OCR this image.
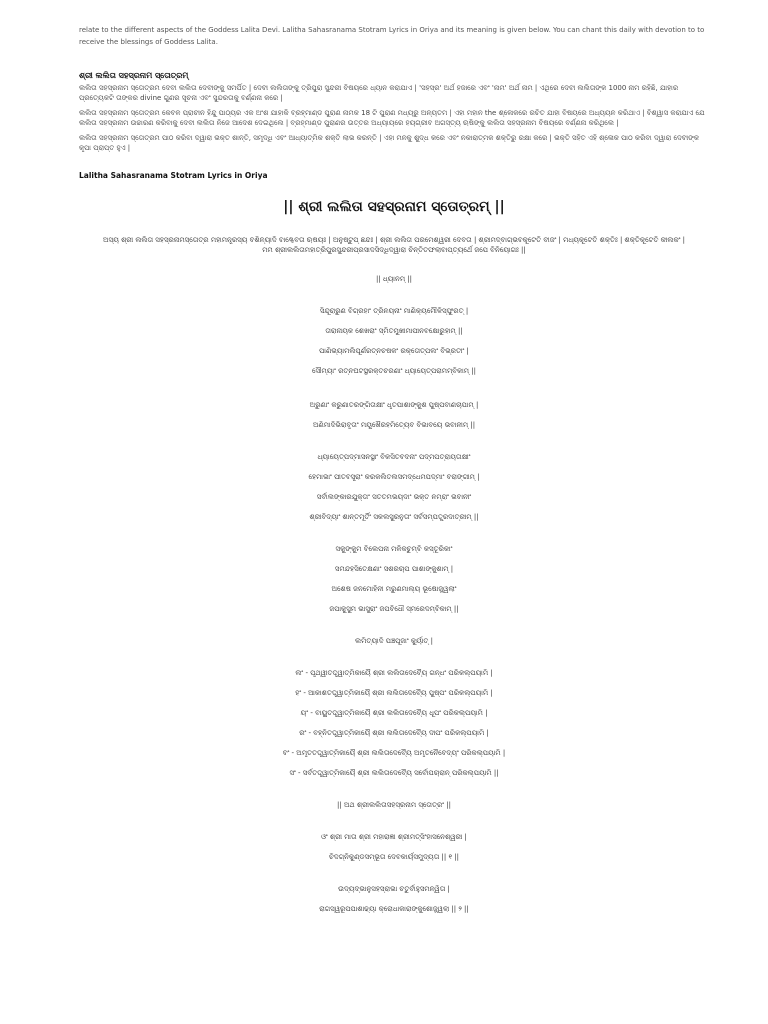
relate to the different aspects of the Goddess Lalita Devi. Lalitha Sahasranama Stotram Lyrics in Oriya and its meaning is given below. You can chant this daily with devotion to to receive the blessings of Goddess Lalita.

ଶ୍ରୀ ଲଲିତା ସହସ୍ରନାମ ସ୍ତୋତ୍ରମ୍

ଲଲିତା ସହସ୍ରନାମ ସ୍ତୋତ୍ରମ ଦେବୀ ଲଲିତା ଦେବୀଙ୍କୁ ସମର୍ପିତ | ଦେବୀ ଲଲିତାଙ୍କୁ ତ୍ରିପୁରା ସୁନ୍ଦରୀ ବିଷୟରେ ଧ୍ୟାନ କରାଯାଏ | 'ସହସ୍ର' ଅର୍ଥ ହଜାରେ ଏବଂ 'ନାମ' ଅର୍ଥ ନାମ | ଏଥିରେ ଦେବୀ ଲଲିତାଙ୍କ 1000 ନାମ ରହିଛି, ଯାହାର ପ୍ରତ୍ୟେକଟି ତାଙ୍କର divine ଗୁଣର ସୂଚନା ଏବଂ ସୁନ୍ଦରତାକୁ ବର୍ଣ୍ଣନା କରେ |

ଲଲିତା ସହସ୍ରନାମ ସ୍ତୋତ୍ରମ କେବଳ ପ୍ରାଚୀନ ହିନ୍ଦୁ ପାଠ୍ୟର ଏକ ଅଂଶ ଯାହାକି ବ୍ରହ୍ମାଣ୍ଡ ପୁରାଣ ନାମକ 18 ଟି ପୁରାଣ ମଧ୍ୟରୁ ଅନ୍ୟତମ | ଏହା ମହାନ the ଶ୍ଳୋକରେ ରଚିତ ଯାହା ବିଷୟରେ ଅଧ୍ୟୟନ କରିଥାଏ | ବିଶ୍ୱାସ କରାଯାଏ ଯେ ଲଲିତା ସହସ୍ରନାମ ଉଚ୍ଚାରଣ କରିବାକୁ ଦେବୀ ଲଲିତା ନିଜେ ଆଦେଶ ଦେଇଥିଲେ | ବ୍ରହ୍ମାଣ୍ଡ ପୁରାଣର ଉତ୍ତର ଅଧ୍ୟାୟରେ ହୟଗ୍ରୀବ ଅଗସ୍ତ୍ୟ ଋଷିଙ୍କୁ ଲଲିତା ସହସ୍ରନାମ ବିଷୟରେ ବର୍ଣ୍ଣନା କରିଥିଲେ |

ଲଲିତା ସହସ୍ରନାମ ସ୍ତୋତ୍ରମ ପାଠ କରିବା ଦ୍ୱାରା ଭକ୍ତ ଶାନ୍ତି, ସମୃଦ୍ଧି ଏବଂ ଆଧ୍ୟାତ୍ମିକ ଶକ୍ତି ଲାଭ କରନ୍ତି | ଏହା ମନକୁ ଶୁଦ୍ଧ କରେ ଏବଂ ନକାରାତ୍ମକ ଶକ୍ତିରୁ ରକ୍ଷା କରେ | ଭକ୍ତି ସହିତ ଏହି ଶ୍ଳୋକ ପାଠ କରିବା ଦ୍ୱାରା ଦେବୀଙ୍କ କୃପା ପ୍ରାପ୍ତ ହୁଏ |

Lalitha Sahasranama Stotram Lyrics in Oriya

|| ଶ୍ରୀ ଲଲିତା ସହସ୍ରନାମ ସ୍ତୋତ୍ରମ୍ ||

ଅସ୍ୟ ଶ୍ରୀ ଲଲିତା ସହସ୍ରନାମସ୍ତୋତ୍ର ମହାମନ୍ତ୍ରସ୍ୟ ବଶିନ୍ୟାଦି ବାଗ୍ଦେବତା ଋଷୟଃ | ଅନୁଷ୍ଟୁପ୍ ଛନ୍ଦଃ | ଶ୍ରୀ ଲଲିତା ପରମେଶ୍ୱରୀ ଦେବତା | ଶ୍ରୀମଦ୍ବାଗ୍ଭବକୂଟେତି ବୀଜଂ | ମଧ୍ୟକୂଟେତି ଶକ୍ତିଃ | ଶକ୍ତିକୂଟେତି କୀଲକଂ |
ମମ ଶ୍ରୀଲଲିତାମହାତ୍ରିପୁରସୁନ୍ଦରୀପ୍ରସାଦସିଦ୍ଧିଦ୍ୱାରା ଚିନ୍ତିତଫଲାବାପ୍ତ୍ୟର୍ଥେ ଜପେ ବିନିୟୋଗଃ ||
|| ଧ୍ୟାନମ୍ ||
ସିନ୍ଦୂରାରୁଣ ବିଗ୍ରହାଂ ତ୍ରିନୟନାଂ ମାଣିକ୍ୟମୌଳିସ୍ଫୁରତ୍ |
ତାରାନାୟକ ଶେଖରାଂ ସ୍ମିତମୁଖୀମାପୀନବକ୍ଷୋରୁହାମ୍ ||
ପାଣିଭ୍ୟାମଲିପୂର୍ଣରତ୍ନଚଷକଂ ରକ୍ତୋତ୍ପଲଂ ବିଭ୍ରତୀଂ |
ସୌମ୍ୟାଂ ରତ୍ନଘଟସ୍ଥରକ୍ତଚରଣାଂ ଧ୍ୟାୟେତ୍ପରାମମ୍ବିକାମ୍ ||
ଅରୁଣାଂ କରୁଣାତରଙ୍ଗିତାକ୍ଷୀଂ ଧୃତପାଶାଙ୍କୁଶ ପୁଷ୍ପବାଣଚାପାମ୍ |
ଅଣିମାଦିଭିରାବୃତାଂ ମୟୂଖୈରହମିତ୍ୟେବ ବିଭାବୟେ ଭବାନୀମ୍ ||
ଧ୍ୟାୟେତ୍ପଦ୍ମାସନସ୍ଥାଂ ବିକସିତବଦନାଂ ପଦ୍ମପତ୍ରାୟତାକ୍ଷୀଂ
ହେମାଭାଂ ପୀତବସ୍ତ୍ରାଂ କରକଲିତଲସମଦ୍ଧେମପଦ୍ମାଂ ବରାଙ୍ଗୀମ୍ |
ସର୍ବାଲଙ୍କାରଯୁକ୍ତାଂ ସତତମଭୟଦାଂ ଭକ୍ତ ନମ୍ରାଂ ଭବାନୀଂ
ଶ୍ରୀବିଦ୍ୟାଂ ଶାନ୍ତମୂର୍ତିଂ ସକଲସୁରନୁତାଂ ସର୍ବସମ୍ପତ୍ପ୍ରଦାତ୍ରୀମ୍ ||
ସକୁଙ୍କୁମ ବିଲେପନା ମଳିକଚୁମ୍ବି କସ୍ତୂରିକାଂ
ସମନ୍ଦହସିତେକ୍ଷଣାଂ ସଶରଚାପ ପାଶାଙ୍କୁଶାମ୍ |
ଅଶେଷ ଜନମୋହିନୀ ମରୁଣମାଲ୍ୟ ଭୂଷୋଜ୍ଜ୍ୱଲାଂ
ଜପାକୁସୁମ ଭାସୁରାଂ ଜପବିଧୌ ସ୍ମରେଦମ୍ବିକାମ୍ ||
ଲମିତ୍ୟାଦି ପଞ୍ଚପୂଜାଂ କୁର୍ୟାତ୍ |
ଲଂ - ପୃଥ୍ୱୀତତ୍ତ୍ୱାତ୍ମିକାୟୈ ଶ୍ରୀ ଲଲିତାଦେବ୍ୟୈ ଗନ୍ଧଂ ପରିକଲ୍ପୟାମି |
ହଂ - ଆକାଶତତ୍ତ୍ୱାତ୍ମିକାୟୈ ଶ୍ରୀ ଲଲିତାଦେବ୍ୟୈ ପୁଷ୍ପଂ ପରିକଲ୍ପୟାମି |
ୟଂ - ବାୟୁତତ୍ତ୍ୱାତ୍ମିକାୟୈ ଶ୍ରୀ ଲଲିତାଦେବ୍ୟୈ ଧୂପଂ ପରିକଲ୍ପୟାମି |
ରଂ - ବହ୍ନିତତ୍ତ୍ୱାତ୍ମିକାୟୈ ଶ୍ରୀ ଲଲିତାଦେବ୍ୟୈ ଦୀପଂ ପରିକଲ୍ପୟାମି |
ବଂ - ଅମୃତତତ୍ତ୍ୱାତ୍ମିକାୟୈ ଶ୍ରୀ ଲଲିତାଦେବ୍ୟୈ ଅମୃତନୈବେଦ୍ୟଂ ପରିକଲ୍ପୟାମି |
ସଂ - ସର୍ବତତ୍ତ୍ୱାତ୍ମିକାୟୈ ଶ୍ରୀ ଲଲିତାଦେବ୍ୟୈ ସର୍ବୋପଚାରାନ୍ ପରିକଲ୍ପୟାମି ||
|| ଅଥ ଶ୍ରୀଲଲିତାସହସ୍ରନାମ ସ୍ତୋତ୍ରଂ ||
ଓଂ ଶ୍ରୀ ମାତା ଶ୍ରୀ ମହାରାଜ୍ଞୀ ଶ୍ରୀମତ୍ସିଂହାସନେଶ୍ୱରୀ |
ଚିଦଗ୍ନିକୁଣ୍ଡସମ୍ଭୂତା ଦେବକାର୍ୟସମୁଦ୍ୟତା || ୧ ||
ଉଦ୍ୟଦ୍ଭାନୁସହସ୍ରାଭା ଚତୁର୍ବାହୁସମନ୍ୱିତା |
ରାଗସ୍ୱରୂପପାଶାଢ୍ୟା କ୍ରୋଧାକାରାଙ୍କୁଶୋଜ୍ଜ୍ୱଲା || ୨ ||
